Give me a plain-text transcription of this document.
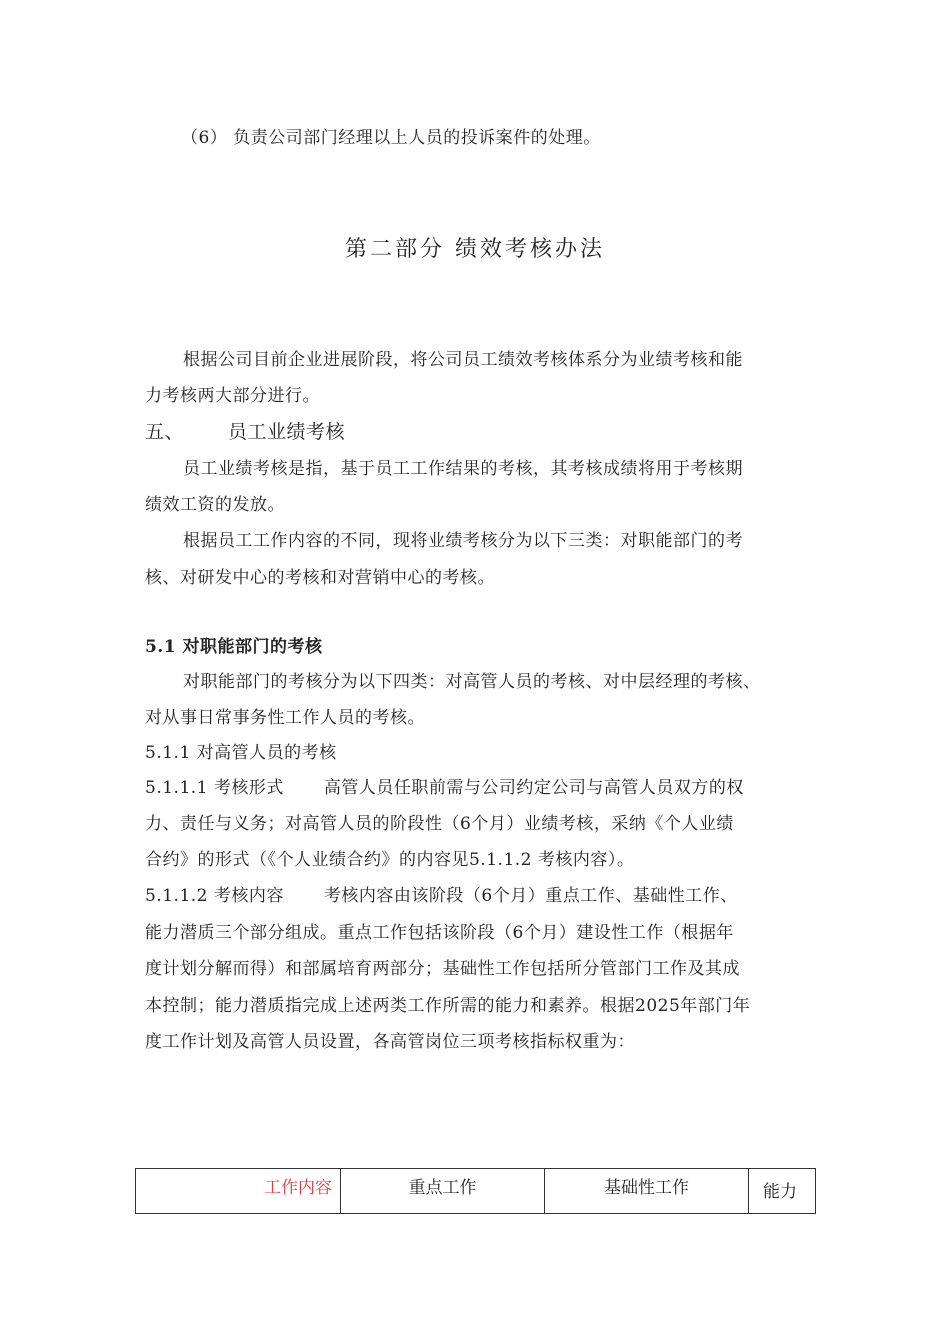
（6） 负责公司部门经理以上人员的投诉案件的处理。
第二部分 绩效考核办法
根据公司目前企业进展阶段，将公司员工绩效考核体系分为业绩考核和能
力考核两大部分进行。
五、 员工业绩考核
员工业绩考核是指，基于员工工作结果的考核，其考核成绩将用于考核期
绩效工资的发放。
根据员工工作内容的不同，现将业绩考核分为以下三类：对职能部门的考
核、对研发中心的考核和对营销中心的考核。
5.1 对职能部门的考核
对职能部门的考核分为以下四类：对高管人员的考核、对中层经理的考核、
对从事日常事务性工作人员的考核。
5.1.1 对高管人员的考核
5.1.1.1 考核形式 高管人员任职前需与公司约定公司与高管人员双方的权
力、责任与义务；对高管人员的阶段性（6个月）业绩考核，采纳《个人业绩
合约》的形式（《个人业绩合约》的内容见5.1.1.2 考核内容）。
5.1.1.2 考核内容 考核内容由该阶段（6个月）重点工作、基础性工作、
能力潜质三个部分组成。重点工作包括该阶段（6个月）建设性工作（根据年
度计划分解而得）和部属培育两部分；基础性工作包括所分管部门工作及其成
本控制；能力潜质指完成上述两类工作所需的能力和素养。根据2025年部门年
度工作计划及高管人员设置，各高管岗位三项考核指标权重为：
工作内容	重点工作	基础性工作	能力
